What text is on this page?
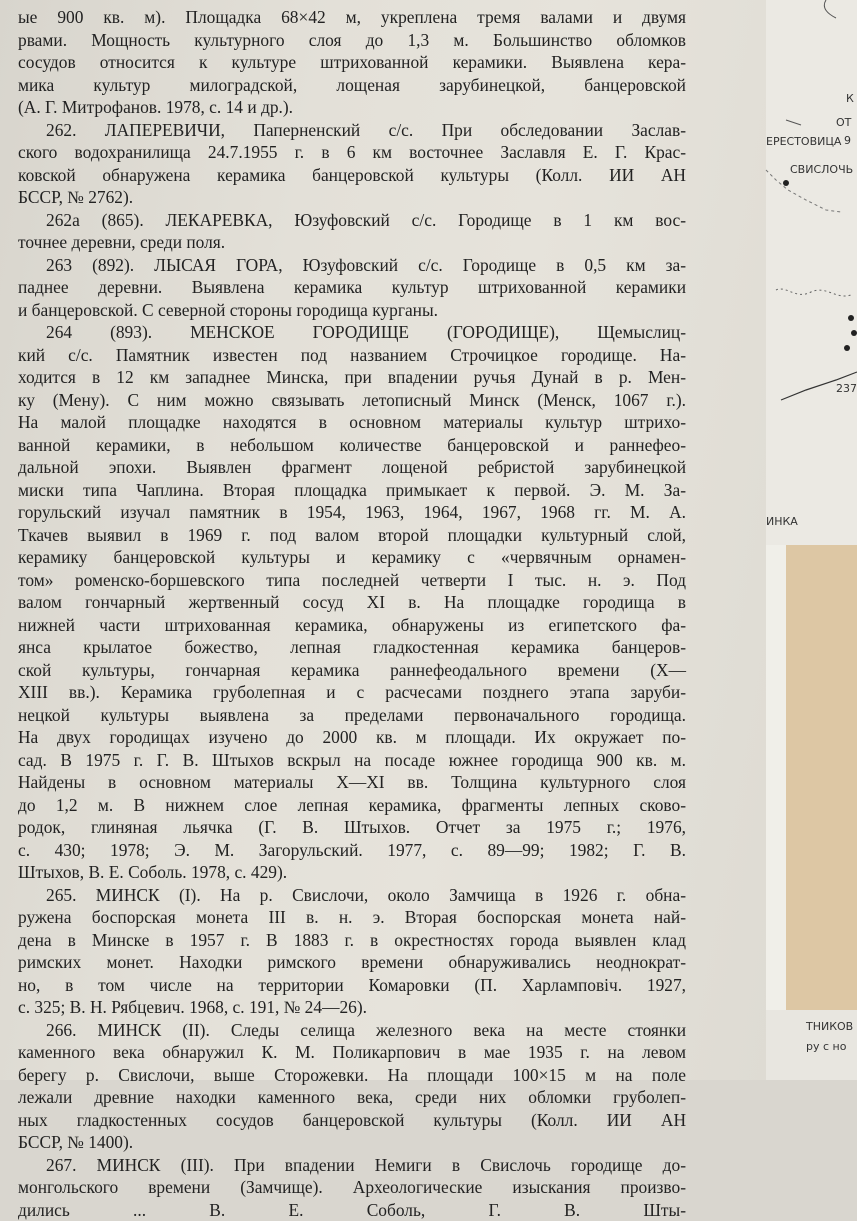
ые 900 кв. м). Площадка 68×42 м, укреплена тремя валами и двумя
рвами. Мощность культурного слоя до 1,3 м. Большинство обломков
сосудов относится к культуре штрихованной керамики. Выявлена кера-
мика культур милоградской, лощеная зарубинецкой, банцеровской
(А. Г. Митрофанов. 1978, с. 14 и др.).
262. ЛАПЕРЕВИЧИ, Паперненский с/с. При обследовании Заслав-
ского водохранилища 24.7.1955 г. в 6 км восточнее Заславля Е. Г. Крас-
ковской обнаружена керамика банцеровской культуры (Колл. ИИ АН
БССР, № 2762).
262а (865). ЛЕКАРЕВКА, Юзуфовский с/с. Городище в 1 км вос-
точнее деревни, среди поля.
263 (892). ЛЫСАЯ ГОРА, Юзуфовский с/с. Городище в 0,5 км за-
паднее деревни. Выявлена керамика культур штрихованной керамики
и банцеровской. С северной стороны городища курганы.
264 (893). МЕНСКОЕ ГОРОДИЩЕ (ГОРОДИЩЕ), Щемыслиц-
кий с/с. Памятник известен под названием Строчицкое городище. На-
ходится в 12 км западнее Минска, при впадении ручья Дунай в р. Мен-
ку (Мену). С ним можно связывать летописный Минск (Менск, 1067 г.).
На малой площадке находятся в основном материалы культур штрихо-
ванной керамики, в небольшом количестве банцеровской и раннефео-
дальной эпохи. Выявлен фрагмент лощеной ребристой зарубинецкой
миски типа Чаплина. Вторая площадка примыкает к первой. Э. М. За-
горульский изучал памятник в 1954, 1963, 1964, 1967, 1968 гг. М. А.
Ткачев выявил в 1969 г. под валом второй площадки культурный слой,
керамику банцеровской культуры и керамику с «червячным орнамен-
том» роменско-боршевского типа последней четверти I тыс. н. э. Под
валом гончарный жертвенный сосуд XI в. На площадке городища в
нижней части штрихованная керамика, обнаружены из египетского фа-
янса крылатое божество, лепная гладкостенная керамика банцеров-
ской культуры, гончарная керамика раннефеодального времени (X—
XIII вв.). Керамика груболепная и с расчесами позднего этапа заруби-
нецкой культуры выявлена за пределами первоначального городища.
На двух городищах изучено до 2000 кв. м площади. Их окружает по-
сад. В 1975 г. Г. В. Штыхов вскрыл на посаде южнее городища 900 кв. м.
Найдены в основном материалы X—XI вв. Толщина культурного слоя
до 1,2 м. В нижнем слое лепная керамика, фрагменты лепных сково-
родок, глиняная льячка (Г. В. Штыхов. Отчет за 1975 г.; 1976,
с. 430; 1978; Э. М. Загорульский. 1977, с. 89—99; 1982; Г. В.
Штыхов, В. Е. Соболь. 1978, с. 429).
265. МИНСК (I). На р. Свислочи, около Замчища в 1926 г. обна-
ружена боспорская монета III в. н. э. Вторая боспорская монета най-
дена в Минске в 1957 г. В 1883 г. в окрестностях города выявлен клад
римских монет. Находки римского времени обнаруживались неоднократ-
но, в том числе на территории Комаровки (П. Харламповіч. 1927,
с. 325; В. Н. Рябцевич. 1968, с. 191, № 24—26).
266. МИНСК (II). Следы селища железного века на месте стоянки
каменного века обнаружил К. М. Поликарпович в мае 1935 г. на левом
берегу р. Свислочи, выше Сторожевки. На площади 100×15 м на поле
лежали древние находки каменного века, среди них обломки груболеп-
ных гладкостенных сосудов банцеровской культуры (Колл. ИИ АН
БССР, № 1400).
267. МИНСК (III). При впадении Немиги в Свислочь городище до-
монгольского времени (Замчище). Археологические изыскания произво-
дились ... В. Е. Соболь, Г. В. Шты-
ЕРЕСТОВИЦА 9
СВИСЛОЧЬ
К
ОТ
237
ИНКА
ТНИКОВ
ру с но
